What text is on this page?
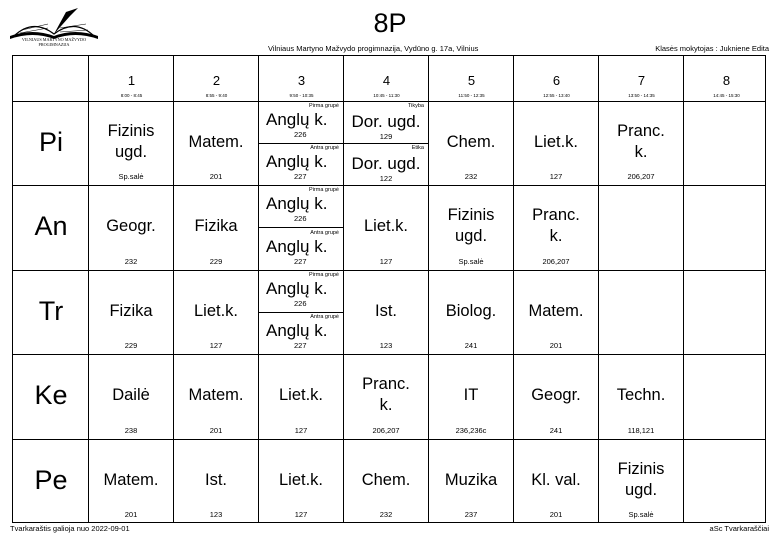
VILNIAUS MARTYNO MAŽVYDO PROGIMNAZIJA
8P
Vilniaus Martyno Mažvydo progimnazija, Vydūno g. 17a, Vilnius	Klasės mokytojas : Jukniene Edita
1
8:00 - 8:45
2
8:55 - 9:40
3
9:50 - 10:35
4
10:45 - 11:30
5
11:50 - 12:35
6
12:55 - 13:40
7
13:50 - 14:35
8
14:45 - 15:30
Pi
An
Tr
Ke
Pe
Fizinis ugd.
Sp.salė
Matem.
201
Pirma grupė
Anglų k.
226
Antra grupė
Anglų k.
227
Tikyba
Dor. ugd.
129
Etika
Dor. ugd.
122
Chem.
232
Liet.k.
127
Pranc. k.
206,207
Geogr.
232
Fizika
229
Pirma grupė
Anglų k.
226
Antra grupė
Anglų k.
227
Liet.k.
127
Fizinis ugd.
Sp.salė
Pranc. k.
206,207
Fizika
229
Liet.k.
127
Pirma grupė
Anglų k.
226
Antra grupė
Anglų k.
227
Ist.
123
Biolog.
241
Matem.
201
Dailė
238
Matem.
201
Liet.k.
127
Pranc. k.
206,207
IT
236,236c
Geogr.
241
Techn.
118,121
Matem.
201
Ist.
123
Liet.k.
127
Chem.
232
Muzika
237
Kl. val.
201
Fizinis ugd.
Sp.salė
Tvarkaraštis galioja nuo 2022-09-01	aSc Tvarkaraščiai
